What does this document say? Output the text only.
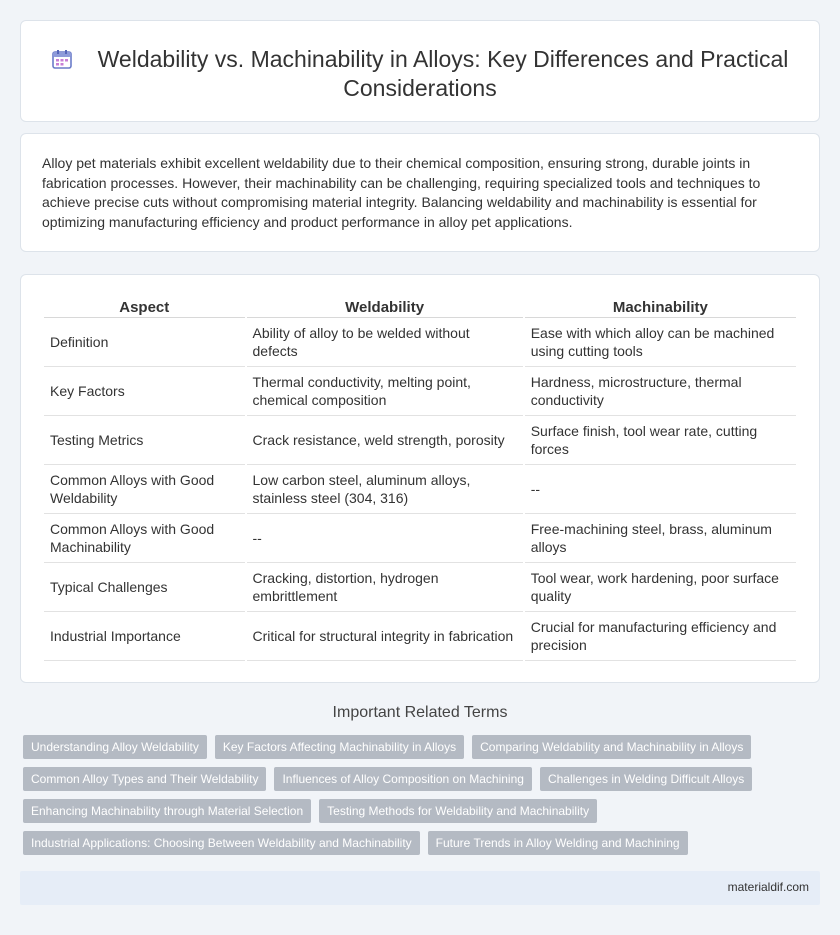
Weldability vs. Machinability in Alloys: Key Differences and Practical Considerations

Alloy pet materials exhibit excellent weldability due to their chemical composition, ensuring strong, durable joints in fabrication processes. However, their machinability can be challenging, requiring specialized tools and techniques to achieve precise cuts without compromising material integrity. Balancing weldability and machinability is essential for optimizing manufacturing efficiency and product performance in alloy pet applications.

Aspect	Weldability	Machinability
Definition	Ability of alloy to be welded without defects	Ease with which alloy can be machined using cutting tools
Key Factors	Thermal conductivity, melting point, chemical composition	Hardness, microstructure, thermal conductivity
Testing Metrics	Crack resistance, weld strength, porosity	Surface finish, tool wear rate, cutting forces
Common Alloys with Good Weldability	Low carbon steel, aluminum alloys, stainless steel (304, 316)	--
Common Alloys with Good Machinability	--	Free-machining steel, brass, aluminum alloys
Typical Challenges	Cracking, distortion, hydrogen embrittlement	Tool wear, work hardening, poor surface quality
Industrial Importance	Critical for structural integrity in fabrication	Crucial for manufacturing efficiency and precision
Important Related Terms
Understanding Alloy Weldability	Key Factors Affecting Machinability in Alloys	Comparing Weldability and Machinability in Alloys
Common Alloy Types and Their Weldability	Influences of Alloy Composition on Machining	Challenges in Welding Difficult Alloys
Enhancing Machinability through Material Selection	Testing Methods for Weldability and Machinability
Industrial Applications: Choosing Between Weldability and Machinability	Future Trends in Alloy Welding and Machining
materialdif.com
